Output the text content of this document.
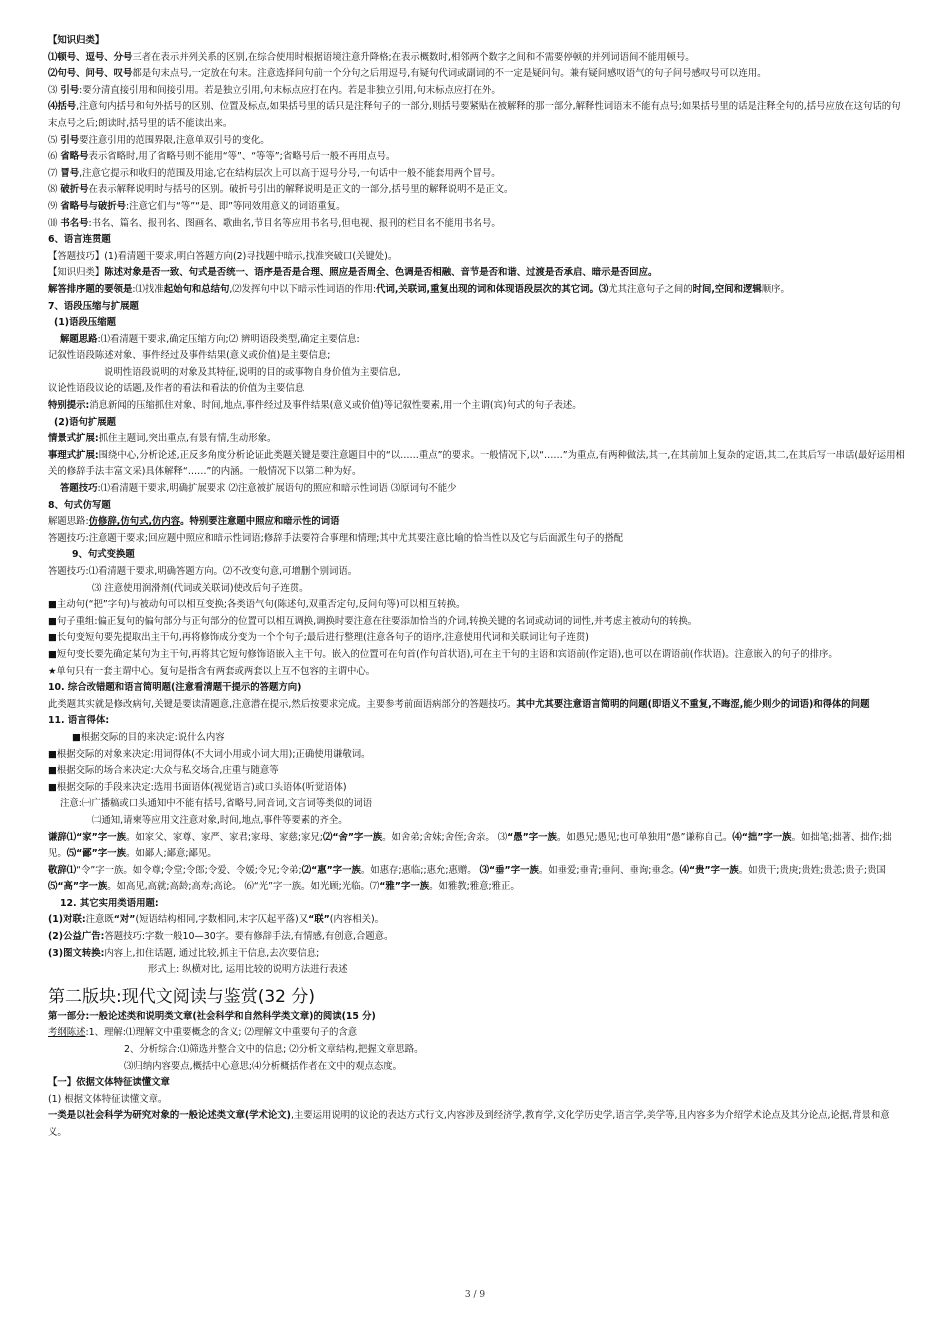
【知识归类】
⑴顿号、逗号、分号三者在表示并列关系的区别,在综合使用时根据语境注意升降格;在表示概数时,相邻两个数字之间和不需要停顿的并列词语间不能用顿号。
⑵句号、问号、叹号都是句末点号,一定放在句末。注意选择问句前一个分句之后用逗号,有疑句代词或副词的不一定是疑问句。兼有疑问感叹语气的句子问号感叹号可以连用。
⑶ 引号:要分清直接引用和间接引用。若是独立引用,句末标点应打在内。若是非独立引用,句末标点应打在外。
⑷括号,注意句内括号和句外括号的区别、位置及标点,如果括号里的话只是注释句子的一部分,则括号要紧贴在被解释的那一部分,解释性词语末不能有点号;如果括号里的话是注释全句的,括号应放在这句话的句末点号之后;朗读时,括号里的话不能读出来。
⑸ 引号要注意引用的范围界限,注意单双引号的变化。
⑹ 省略号表示省略时,用了省略号则不能用“等”、“等等”;省略号后一般不再用点号。
⑺ 冒号,注意它提示和收归的范围及用途,它在结构层次上可以高于逗号分号,一句话中一般不能套用两个冒号。
⑻ 破折号在表示解释说明时与括号的区别。破折号引出的解释说明是正文的一部分,括号里的解释说明不是正文。
⑼ 省略号与破折号:注意它们与“等”“是、即”等同效用意义的词语重复。
⑽ 书名号:书名、篇名、报刊名、图画名、歌曲名,节目名等应用书名号,但电视、报刊的栏目名不能用书名号。
6、语言连贯题
【答题技巧】(1)看清题干要求,明白答题方向(2)寻找题中暗示,找准突破口(关键处)。
【知识归类】陈述对象是否一致、句式是否统一、语序是否是合理、照应是否周全、色调是否相融、音节是否和谐、过渡是否承启、暗示是否回应。
解答排序题的要领是:⑴找准起始句和总结句,⑵发挥句中以下暗示性词语的作用:代词,关联词,重复出现的词和体现语段层次的其它词。⑶尤其注意句子之间的时间,空间和逻辑顺序。
7、语段压缩与扩展题
(1)语段压缩题
解题思路:⑴看清题干要求,确定压缩方向;⑵ 辨明语段类型,确定主要信息:
记叙性语段陈述对象、事件经过及事件结果(意义或价值)是主要信息;
说明性语段说明的对象及其特征,说明的目的或事物自身价值为主要信息,
议论性语段议论的话题,及作者的看法和看法的价值为主要信息
特别提示:消息新闻的压缩抓住对象、时间,地点,事件经过及事件结果(意义或价值)等记叙性要素,用一个主谓(宾)句式的句子表述。
(2)语句扩展题
情景式扩展:抓住主题词,突出重点,有景有情,生动形象。
事理式扩展:围绕中心,分析论述,正反多角度分析论证此类题关键是要注意题目中的“以……重点”的要求。一般情况下,以“……”为重点,有两种做法,其一,在其前加上复杂的定语,其二,在其后写一串话(最好运用相关的修辞手法丰富文采)具体解释“……”的内涵。一般情况下以第二种为好。
答题技巧:⑴看清题干要求,明确扩展要求 ⑵注意被扩展语句的照应和暗示性词语 ⑶原词句不能少
8、句式仿写题
解题思路:仿修辞,仿句式,仿内容。特别要注意题中照应和暗示性的词语
答题技巧:注意题干要求;回应题中照应和暗示性词语;修辞手法要符合事理和情理;其中尤其要注意比喻的恰当性以及它与后面派生句子的搭配
9、句式变换题
答题技巧:⑴看清题干要求,明确答题方向。⑵不改变句意,可增删个别词语。
⑶ 注意使用润滑剂(代词或关联词)使改后句子连贯。
■主动句(“把”字句)与被动句可以相互变换;各类语气句(陈述句,双重否定句,反问句等)可以相互转换。
■句子重组:偏正复句的偏句部分与正句部分的位置可以相互调换,调换时要注意在往要添加恰当的介词,转换关键的名词或动词的词性,并考虑主被动句的转换。
■长句变短句要先提取出主干句,再将修饰成分变为一个个句子;最后进行整理(注意各句子的语序,注意使用代词和关联词让句子连贯)
■短句变长要先确定某句为主干句,再将其它短句修饰语嵌入主干句。嵌入的位置可在句首(作句首状语),可在主干句的主语和宾语前(作定语),也可以在谓语前(作状语)。注意嵌入的句子的排序。
★单句只有一套主谓中心。复句是指含有两套或两套以上互不包容的主谓中心。
10. 综合改错题和语言简明题(注意看清题干提示的答题方向)
此类题其实就是修改病句,关键是要读清题意,注意潜在提示,然后按要求完成。主要参考前面语病部分的答题技巧。其中尤其要注意语言简明的问题(即语义不重复,不晦涩,能少则少的词语)和得体的问题
11. 语言得体:
■根据交际的目的来决定:说什么内容
■根据交际的对象来决定:用词得体(不大词小用或小词大用);正确使用谦敬词。
■根据交际的场合来决定:大众与私交场合,庄重与随意等
■根据交际的手段来决定:选用书面语体(视觉语言)或口头语体(听觉语体)
注意:㈠广播稿或口头通知中不能有括号,省略号,同音词,文言词等类似的词语
㈡通知,请柬等应用文注意对象,时间,地点,事件等要素的齐全。
谦辞⑴“家”字一族。如家父、家尊、家严、家君;家母、家慈;家兄;⑵“舍”字一族。如舍弟;舍妹;舍侄;舍亲。 ⑶“愚”字一族。如愚兄;愚见;也可单独用“愚”谦称自己。⑷“拙”字一族。如拙笔;拙著、拙作;拙见。⑸“鄙”字一族。如鄙人;鄙意;鄙见。
敬辞⑴“令”字一族。如令尊;令堂;令郎;令爱、令媛;令兄;令弟;⑵“惠”字一族。如惠存;惠临;;惠允;惠赠。 ⑶“垂”字一族。如垂爱;垂青;垂问、垂询;垂念。⑷“贵”字一族。如贵干;贵庚;贵姓;贵恙;贵子;贵国⑸“高”字一族。如高见,高就;高龄;高寿;高论。 ⑹“光”字一族。如光顾;光临。⑺“雅”字一族。如雅教;雅意;雅正。
12. 其它实用类语用题:
(1)对联:注意既“对”(短语结构相同,字数相同,末字仄起平落)又“联”(内容相关)。
(2)公益广告:答题技巧:字数一般10—30字。要有修辞手法,有情感,有创意,合题意。
(3)图文转换:内容上,扣住话题, 通过比较,抓主干信息,去次要信息;
形式上: 纵横对比, 运用比较的说明方法进行表述
第二版块:现代文阅读与鉴赏(32 分)
第一部分:一般论述类和说明类文章(社会科学和自然科学类文章)的阅读(15 分)
考纲陈述:1、理解:⑴理解文中重要概念的含义; ⑵理解文中重要句子的含意
2、分析综合:⑴筛选并整合文中的信息; ⑵分析文章结构,把握文章思路。
⑶归纳内容要点,概括中心意思;⑷分析概括作者在文中的观点态度。
【一】依据文体特征读懂文章
(1) 根据文体特征读懂文章。
一类是以社会科学为研究对象的一般论述类文章(学术论文),主要运用说明的议论的表达方式行文,内容涉及到经济学,教育学,文化学历史学,语言学,美学等,且内容多为介绍学术论点及其分论点,论据,背景和意义。
3 / 9
